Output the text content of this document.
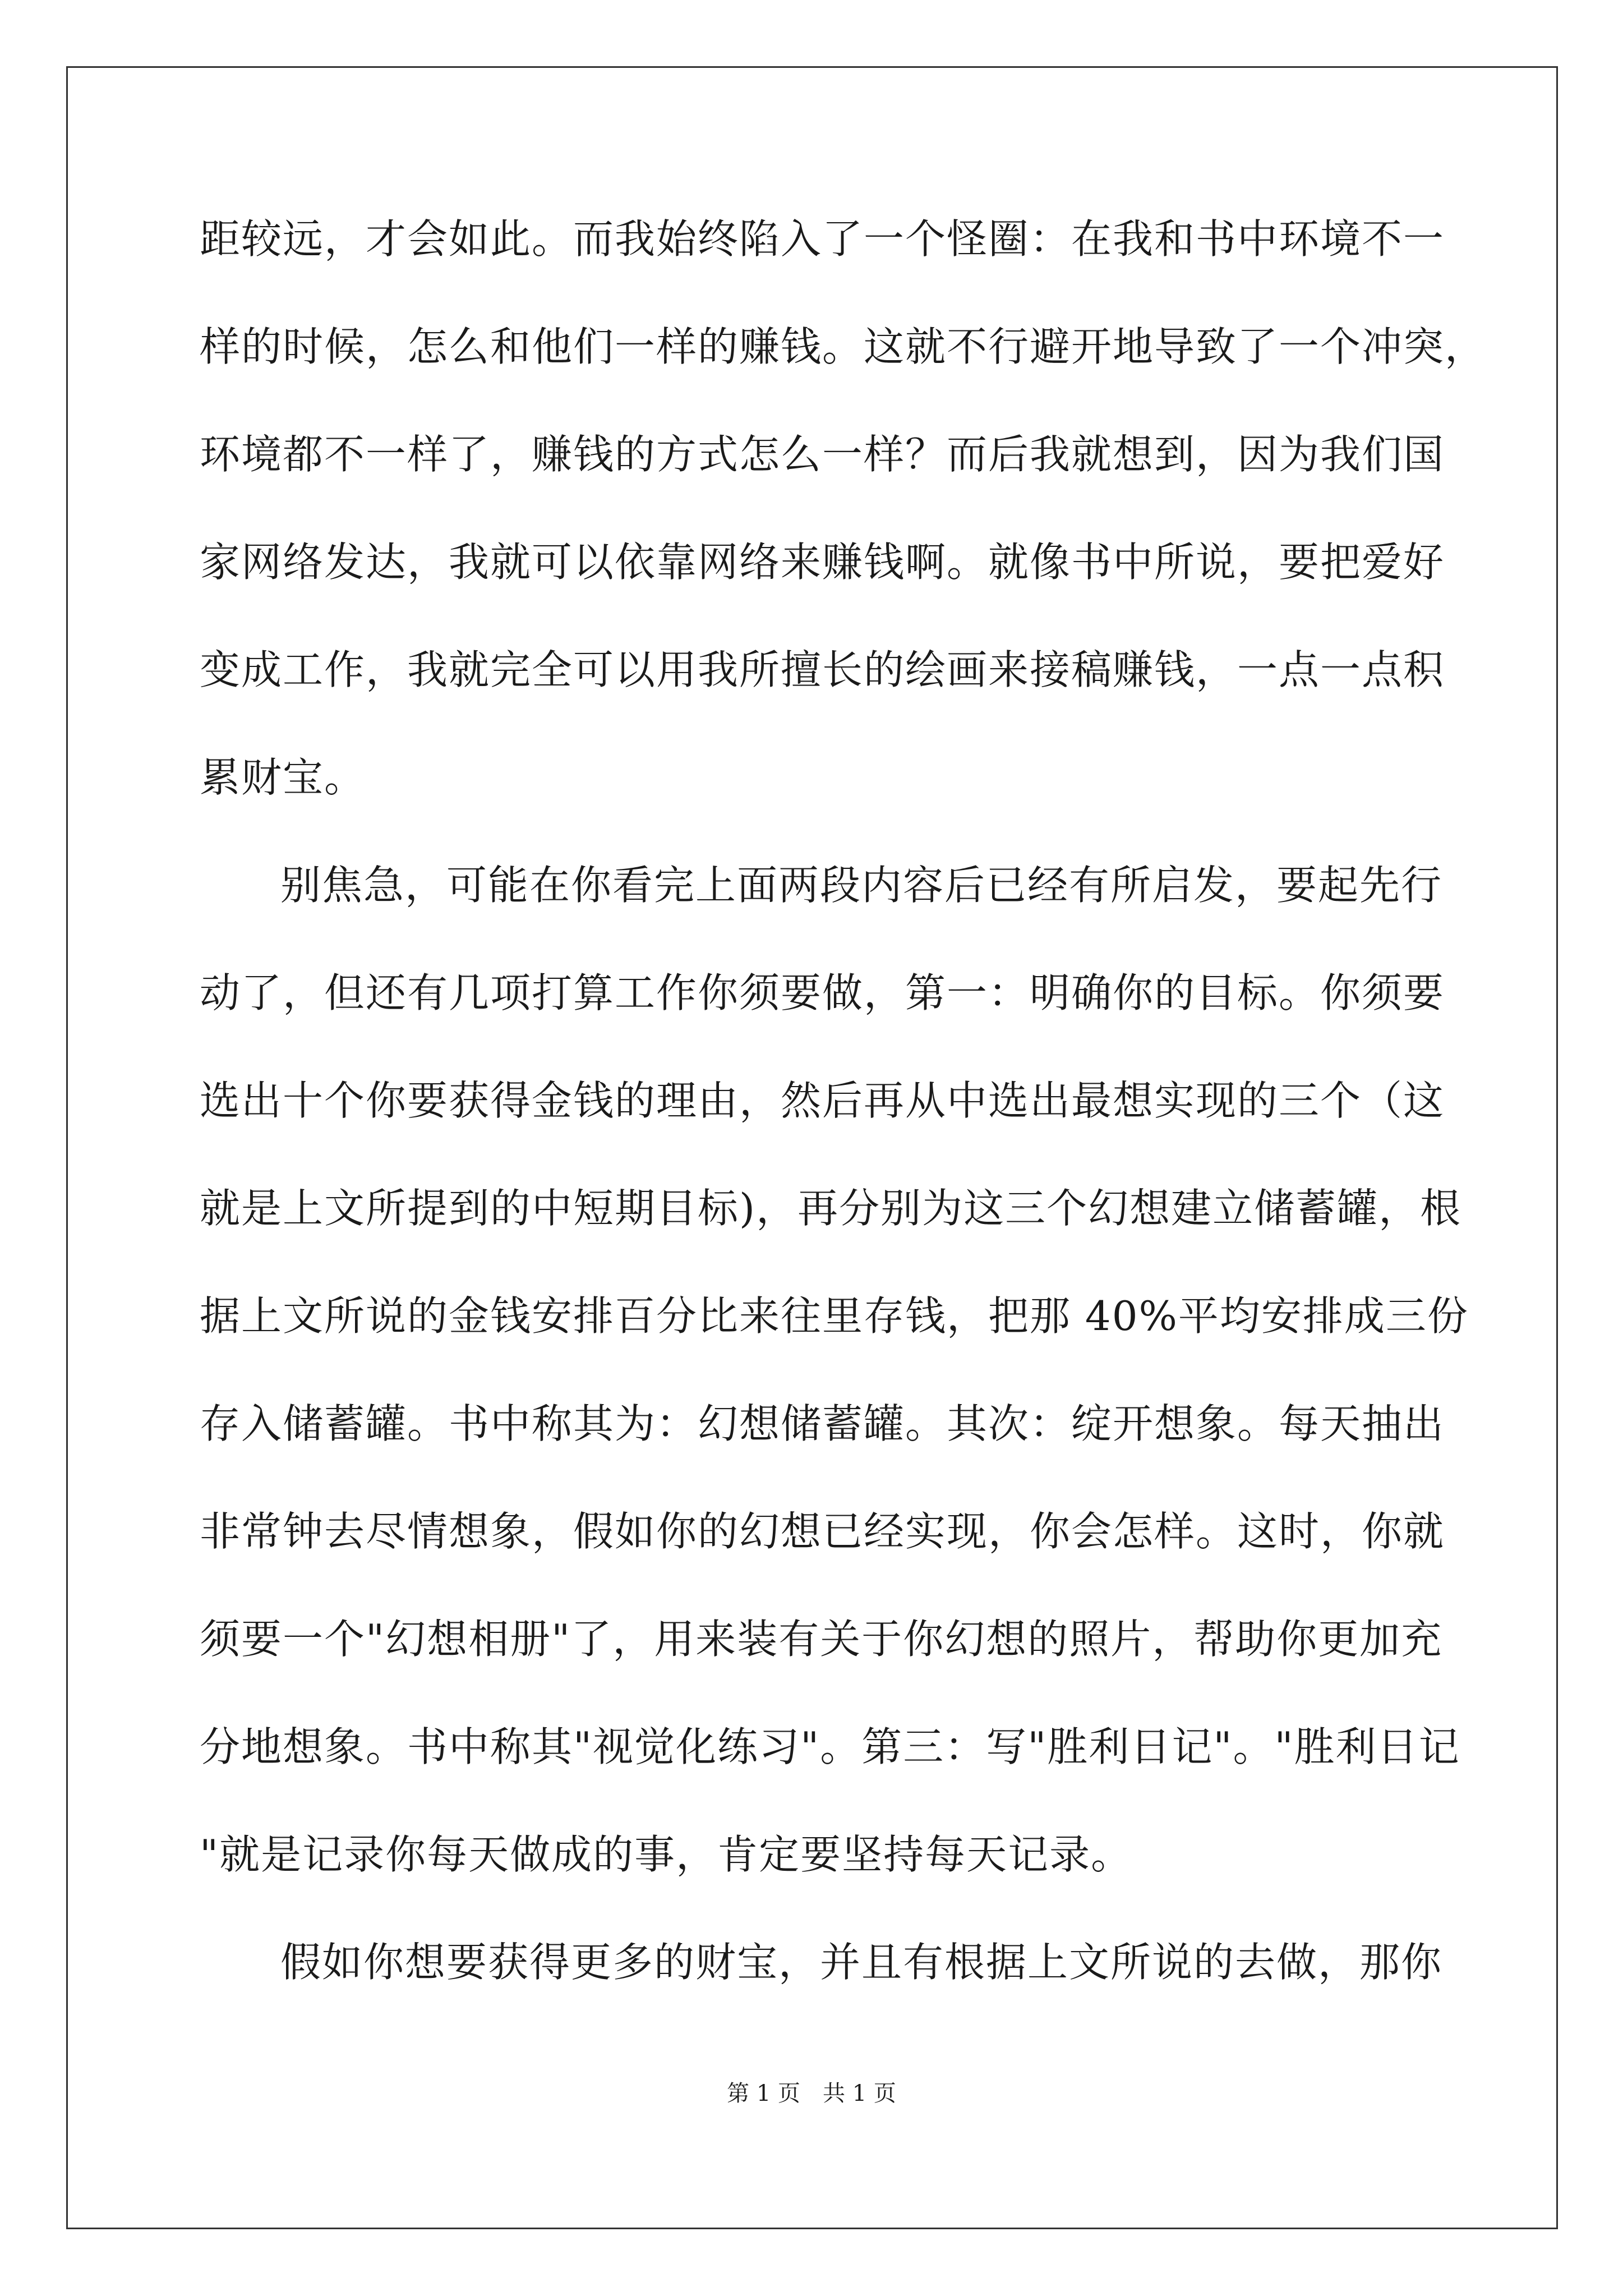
距较远，才会如此。而我始终陷入了一个怪圈：在我和书中环境不一
样的时候，怎么和他们一样的赚钱。这就不行避开地导致了一个冲突，
环境都不一样了，赚钱的方式怎么一样？而后我就想到，因为我们国
家网络发达，我就可以依靠网络来赚钱啊。就像书中所说，要把爱好
变成工作，我就完全可以用我所擅长的绘画来接稿赚钱，一点一点积
累财宝。
别焦急，可能在你看完上面两段内容后已经有所启发，要起先行
动了，但还有几项打算工作你须要做，第一：明确你的目标。你须要
选出十个你要获得金钱的理由，然后再从中选出最想实现的三个（这
就是上文所提到的中短期目标)，再分别为这三个幻想建立储蓄罐，根
据上文所说的金钱安排百分比来往里存钱，把那 40%平均安排成三份
存入储蓄罐。书中称其为：幻想储蓄罐。其次：绽开想象。每天抽出
非常钟去尽情想象，假如你的幻想已经实现，你会怎样。这时，你就
须要一个"幻想相册"了，用来装有关于你幻想的照片，帮助你更加充
分地想象。书中称其"视觉化练习"。第三：写"胜利日记"。"胜利日记
"就是记录你每天做成的事，肯定要坚持每天记录。
假如你想要获得更多的财宝，并且有根据上文所说的去做，那你
第 1 页　共 1 页
